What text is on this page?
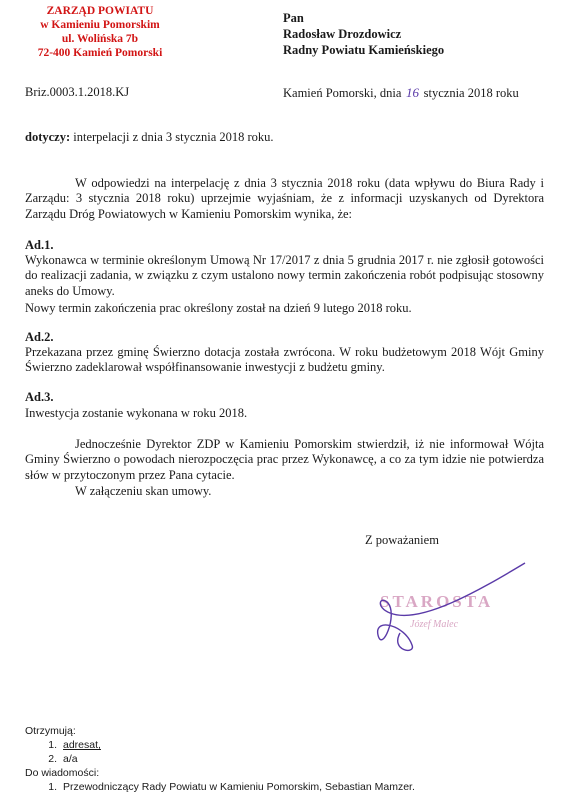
ZARZĄD POWIATU
w Kamieniu Pomorskim
ul. Wolińska 7b
72-400 Kamień Pomorski
Pan
Radosław Drozdowicz
Radny Powiatu Kamieńskiego
Briz.0003.1.2018.KJ	Kamień Pomorski, dnia 16 stycznia 2018 roku
dotyczy: interpelacji z dnia 3 stycznia 2018 roku.
W odpowiedzi na interpelację z dnia 3 stycznia 2018 roku (data wpływu do Biura Rady i Zarządu: 3 stycznia 2018 roku) uprzejmie wyjaśniam, że z informacji uzyskanych od Dyrektora Zarządu Dróg Powiatowych w Kamieniu Pomorskim wynika, że:
Ad.1.
Wykonawca w terminie określonym Umową Nr 17/2017 z dnia 5 grudnia 2017 r. nie zgłosił gotowości do realizacji zadania, w związku z czym ustalono nowy termin zakończenia robót podpisując stosowny aneks do Umowy.
Nowy termin zakończenia prac określony został na dzień 9 lutego 2018 roku.
Ad.2.
Przekazana przez gminę Świerzno dotacja została zwrócona. W roku budżetowym 2018 Wójt Gminy Świerzno zadeklarował współfinansowanie inwestycji z budżetu gminy.
Ad.3.
Inwestycja zostanie wykonana w roku 2018.
Jednocześnie Dyrektor ZDP w Kamieniu Pomorskim stwierdził, iż nie informował Wójta Gminy Świerzno o powodach nierozpoczęcia prac przez Wykonawcę, a co za tym idzie nie potwierdza słów w przytoczonym przez Pana cytacie.
W załączeniu skan umowy.
Z poważaniem
STAROSTA
Józef Malec
Otrzymują:
1. adresat,
2. a/a
Do wiadomości:
1. Przewodniczący Rady Powiatu w Kamieniu Pomorskim, Sebastian Mamzer.
